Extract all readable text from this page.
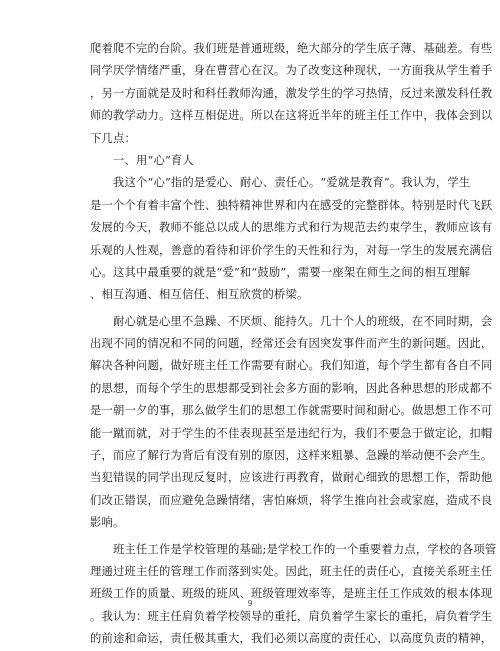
爬着爬不完的台阶。我们班是普通班级，绝大部分的学生底子薄、基础差。有些
同学厌学情绪严重，身在曹营心在汉。为了改变这种现状，一方面我从学生着手
，另一方面就是及时和科任教师沟通，激发学生的学习热情，反过来激发科任教
师的教学动力。这样互相促进。所以在这将近半年的班主任工作中，我体会到以
下几点：
　　一、用“心”育人
　　我这个“心”指的是爱心、耐心、责任心。“爱就是教育”。我认为，学生
是一个个有着丰富个性、独特精神世界和内在感受的完整群体。特别是时代飞跃
发展的今天，教师不能总以成人的思维方式和行为规范去约束学生，教师应该有
乐观的人性观，善意的看待和评价学生的天性和行为，对每一学生的发展充满信
心。这其中最重要的就是“爱”和“鼓励”，需要一座架在师生之间的相互理解
、相互沟通、相互信任、相互欣赏的桥梁。
　　耐心就是心里不急躁、不厌烦、能持久。几十个人的班级，在不同时期，会
出现不同的情况和不同的问题，经常还会有因突发事件而产生的新问题。因此，
解决各种问题，做好班主任工作需要有耐心。我们知道，每个学生都有各自不同
的思想，而每个学生的思想都受到社会多方面的影响，因此各种思想的形成都不
是一朝一夕的事，那么做学生们的思想工作就需要时间和耐心。做思想工作不可
能一蹴而就，对于学生的不佳表现甚至是违纪行为，我们不要急于做定论，扣帽
子，而应了解行为背后有没有别的原因，这样来粗暴、急躁的举动便不会产生。
当犯错误的同学出现反复时，应该进行再教育，做耐心细致的思想工作，帮助他
们改正错误，而应避免急躁情绪，害怕麻烦，将学生推向社会或家庭，造成不良
影响。
　　班主任工作是学校管理的基础;是学校工作的一个重要着力点，学校的各项管
理通过班主任的管理工作而落到实处。因此，班主任的责任心，直接关系班主任
班级工作的质量、班级的班风、班级管理效率等，是班主任工作成效的根本体现
。我认为：班主任肩负着学校领导的重托，肩负着学生家长的重托，肩负着学生
的前途和命运，责任极其重大，我们必须以高度的责任心，以高度负责的精神，
9
